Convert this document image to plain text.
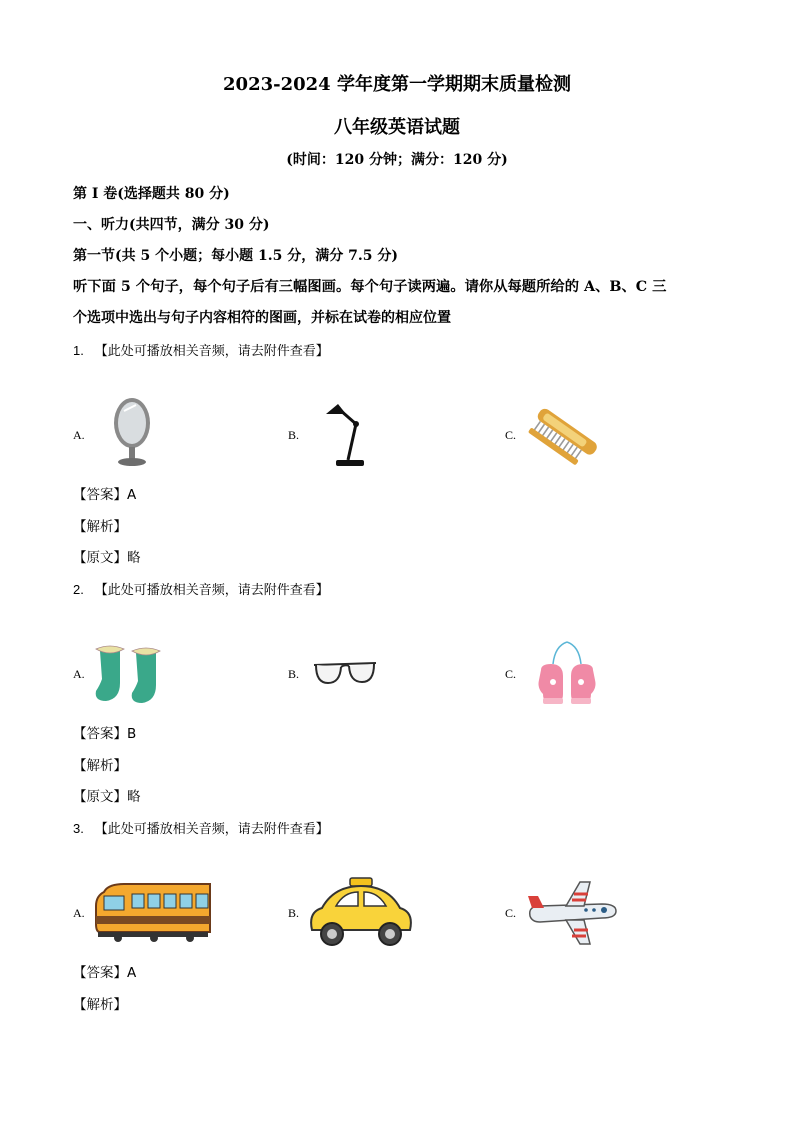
2023-2024 学年度第一学期期末质量检测
八年级英语试题
(时间：120 分钟；满分：120 分)
第 Ⅰ 卷(选择题共 80 分)
一、听力(共四节，满分 30 分)
第一节(共 5 个小题；每小题 1.5 分，满分 7.5 分)
听下面 5 个句子，每个句子后有三幅图画。每个句子读两遍。请你从每题所给的 A、B、C 三
个选项中选出与句子内容相符的图画，并标在试卷的相应位置
1. 【此处可播放相关音频，请去附件查看】
A.	B.	C.
【答案】A
【解析】
【原文】略
2. 【此处可播放相关音频，请去附件查看】
A.	B.	C.
【答案】B
【解析】
【原文】略
3. 【此处可播放相关音频，请去附件查看】
A.	B.	C.
【答案】A
【解析】
